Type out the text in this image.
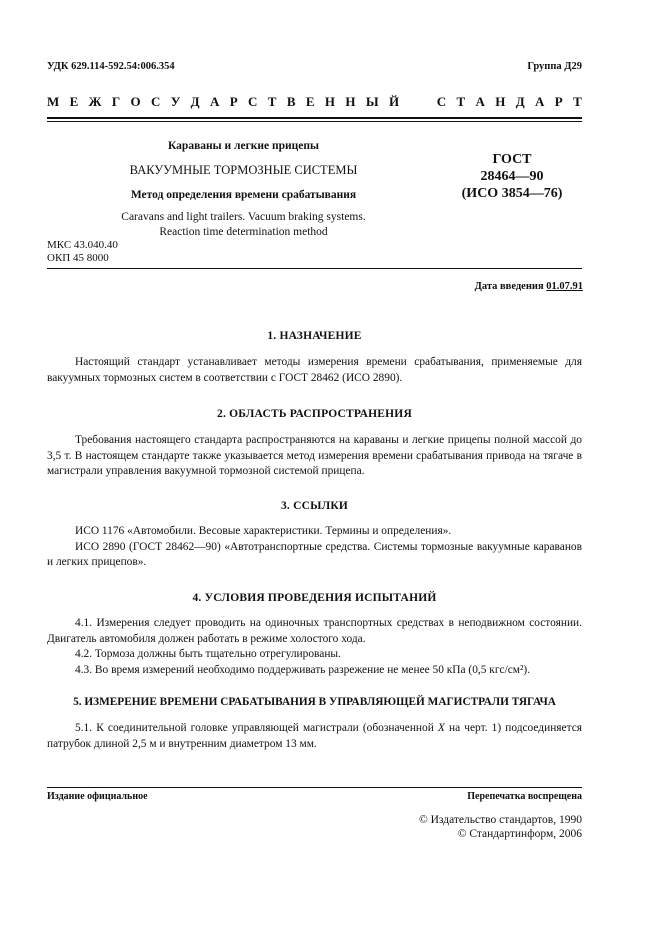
УДК 629.114-592.54:006.354	Группа Д29
М Е Ж Г О С У Д А Р С Т В Е Н Н Ы Й

	С Т А Н Д А Р Т
Караваны и легкие прицепы
ВАКУУМНЫЕ ТОРМОЗНЫЕ СИСТЕМЫ
Метод определения времени срабатывания
Caravans and light trailers. Vacuum braking systems.
Reaction time determination method
ГОСТ
28464—90
(ИСО 3854—76)
МКС 43.040.40
ОКП 45 8000
Дата введения 01.07.91
1. НАЗНАЧЕНИЕ

Настоящий стандарт устанавливает методы измерения времени срабатывания, применяемые для вакуумных тормозных систем в соответствии с ГОСТ 28462 (ИСО 2890).

2. ОБЛАСТЬ РАСПРОСТРАНЕНИЯ

Требования настоящего стандарта распространяются на караваны и легкие прицепы полной массой до 3,5 т. В настоящем стандарте также указывается метод измерения времени срабатывания привода на тягаче в магистрали управления вакуумной тормозной системой прицепа.

3. ССЫЛКИ

ИСО 1176 «Автомобили. Весовые характеристики. Термины и определения».

ИСО 2890 (ГОСТ 28462—90) «Автотранспортные средства. Системы тормозные вакуумные караванов и легких прицепов».

4. УСЛОВИЯ ПРОВЕДЕНИЯ ИСПЫТАНИЙ

4.1. Измерения следует проводить на одиночных транспортных средствах в неподвижном состоянии. Двигатель автомобиля должен работать в режиме холостого хода.

4.2. Тормоза должны быть тщательно отрегулированы.

4.3. Во время измерений необходимо поддерживать разрежение не менее 50 кПа (0,5 кгс/см²).

5. ИЗМЕРЕНИЕ ВРЕМЕНИ СРАБАТЫВАНИЯ В УПРАВЛЯЮЩЕЙ МАГИСТРАЛИ ТЯГАЧА

5.1. К соединительной головке управляющей магистрали (обозначенной X на черт. 1) подсоединяется патрубок длиной 2,5 м и внутренним диаметром 13 мм.

Издание официальное	Перепечатка воспрещена
© Издательство стандартов, 1990
© Стандартинформ, 2006
